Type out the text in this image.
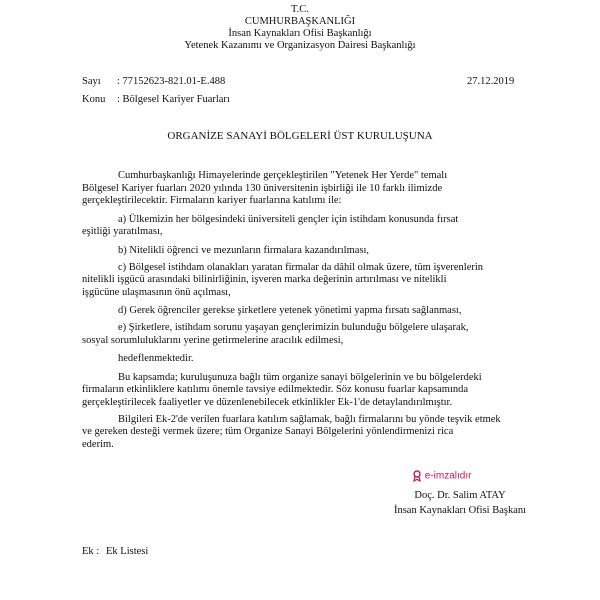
T.C.
CUMHURBAŞKANLIĞI
İnsan Kaynakları Ofisi Başkanlığı
Yetenek Kazanımı ve Organizasyon Dairesi Başkanlığı
Sayı : 77152623-821.01-E.488	27.12.2019
Konu : Bölgesel Kariyer Fuarları
ORGANİZE SANAYİ BÖLGELERİ ÜST KURULUŞUNA
Cumhurbaşkanlığı Himayelerinde gerçekleştirilen "Yetenek Her Yerde" temalı
Bölgesel Kariyer fuarları 2020 yılında 130 üniversitenin işbirliği ile 10 farklı ilimizde
gerçekleştirilecektir. Firmaların kariyer fuarlarına katılımı ile:
a) Ülkemizin her bölgesindeki üniversiteli gençler için istihdam konusunda fırsat
eşitliği yaratılması,
b) Nitelikli öğrenci ve mezunların firmalara kazandırılması,
c) Bölgesel istihdam olanakları yaratan firmalar da dâhil olmak üzere, tüm işverenlerin
nitelikli işgücü arasındaki bilinirliğinin, işveren marka değerinin artırılması ve nitelikli
işgücüne ulaşmasının önü açılması,
d) Gerek öğrenciler gerekse şirketlere yetenek yönetimi yapma fırsatı sağlanması,
e) Şirketlere, istihdam sorunu yaşayan gençlerimizin bulunduğu bölgelere ulaşarak,
sosyal sorumluluklarını yerine getirmelerine aracılık edilmesi,
hedeflenmektedir.
Bu kapsamda; kuruluşunuza bağlı tüm organize sanayi bölgelerinin ve bu bölgelerdeki
firmaların etkinliklere katılımı önemle tavsiye edilmektedir. Söz konusu fuarlar kapsamında
gerçekleştirilecek faaliyetler ve düzenlenebilecek etkinlikler Ek-1'de detaylandırılmıştır.
Bilgileri Ek-2'de verilen fuarlara katılım sağlamak, bağlı firmalarını bu yönde teşvik etmek
ve gereken desteği vermek üzere; tüm Organize Sanayi Bölgelerini yönlendirmenizi rica
ederim.
e-imzalıdır
Doç. Dr. Salim ATAY
İnsan Kaynakları Ofisi Başkanı
Ek : Ek Listesi
